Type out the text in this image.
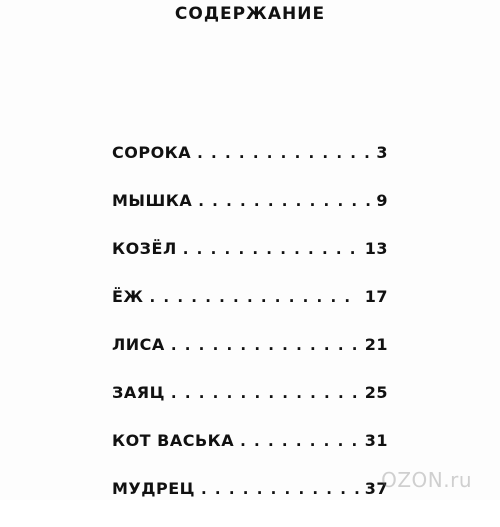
СОДЕРЖАНИЕ
СОРОКА . . .	3
МЫШКА . . .	9
КОЗЁЛ . . .	13
ЁЖ . . .	17
ЛИСА . . .	21
ЗАЯЦ . . .	25
КОТ ВАСЬКА . . .	31
МУДРЕЦ . . .	37
OZON.ru
